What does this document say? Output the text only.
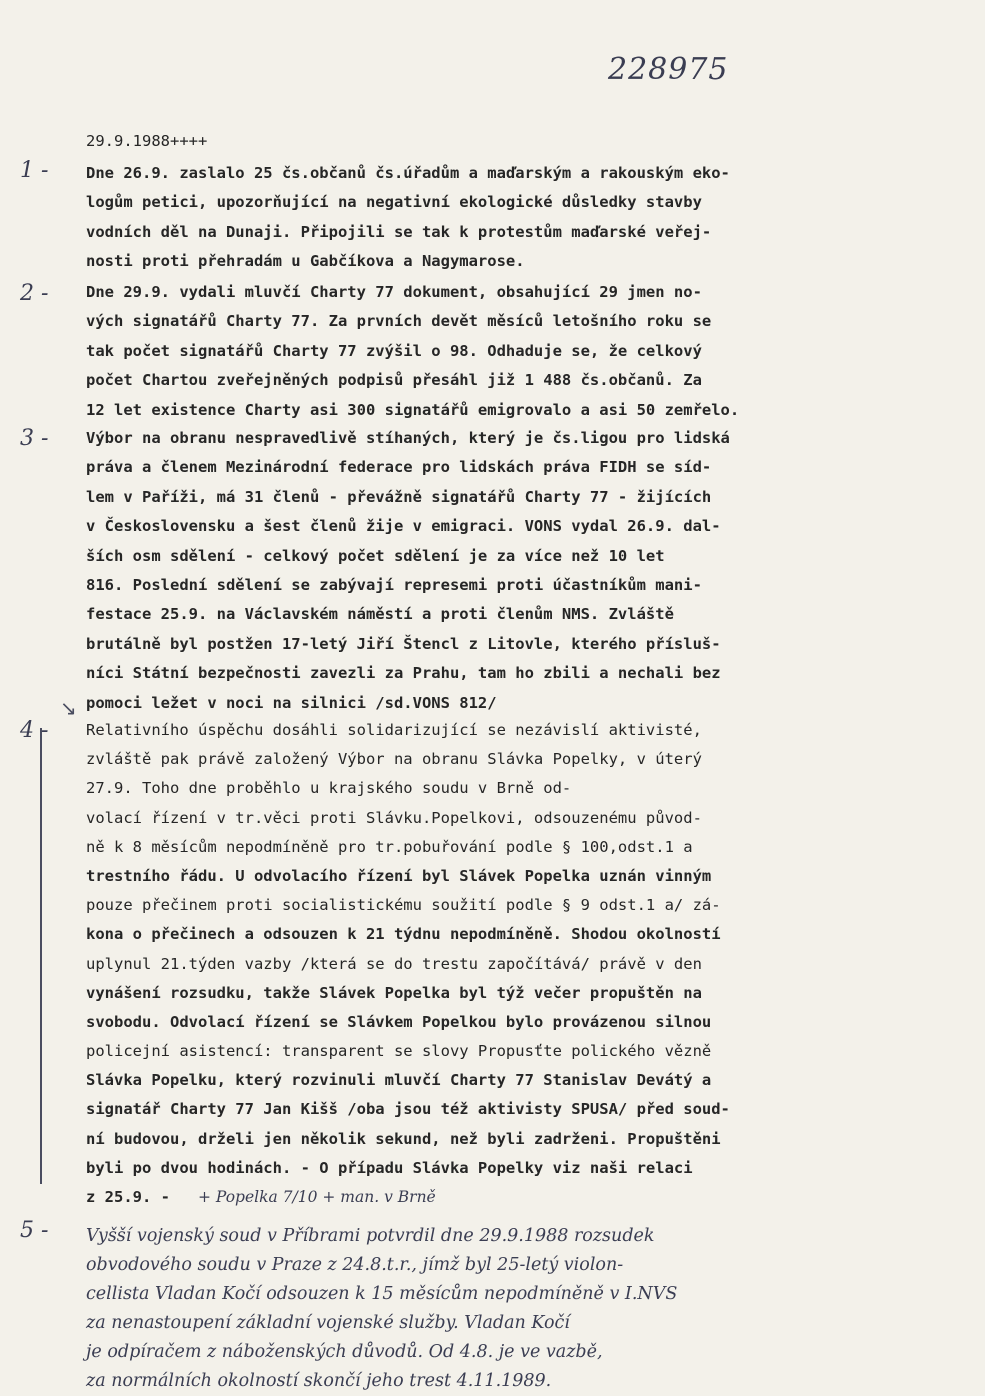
228975
29.9.1988++++
1 -
2 -
3 -
4 -
5 -
↘
Dne 26.9. zaslalo 25 čs.občanů čs.úřadům a maďarským a rakouským eko-
logům petici, upozorňující na negativní ekologické důsledky stavby
vodních děl na Dunaji. Připojili se tak k protestům maďarské veřej-
nosti proti přehradám u Gabčíkova a Nagymarose.
Dne 29.9. vydali mluvčí Charty 77 dokument, obsahující 29 jmen no-
vých signatářů Charty 77. Za prvních devět měsíců letošního roku se
tak počet signatářů Charty 77 zvýšil o 98. Odhaduje se, že celkový
počet Chartou zveřejněných podpisů přesáhl již 1 488 čs.občanů. Za
12 let existence Charty asi 300 signatářů emigrovalo a asi 50 zemřelo.
Výbor na obranu nespravedlivě stíhaných, který je čs.ligou pro lidská
práva a členem Mezinárodní federace pro lidskách práva FIDH se síd-
lem v Paříži, má 31 členů - převážně signatářů Charty 77 - žijících
v Československu a šest členů žije v emigraci. VONS vydal 26.9. dal-
ších osm sdělení - celkový počet sdělení je za více než 10 let
816. Poslední sdělení se zabývají represemi proti účastníkům mani-
festace 25.9. na Václavském náměstí a proti členům NMS. Zvláště
brutálně byl postžen 17-letý Jiří Štencl z Litovle, kterého přísluš-
níci Státní bezpečnosti zavezli za Prahu, tam ho zbili a nechali bez
pomoci ležet v noci na silnici /sd.VONS 812/
Relativního úspěchu dosáhli solidarizující se nezávislí aktivisté,
zvláště pak právě založený Výbor na obranu Slávka Popelky, v úterý
27.9. Toho dne proběhlo u krajského soudu v Brně od-
volací řízení v tr.věci proti Slávku.Popelkovi, odsouzenému původ-
ně k 8 měsícům nepodmíněně pro tr.pobuřování podle § 100,odst.1 a
trestního řádu. U odvolacího řízení byl Slávek Popelka uznán vinným
pouze přečinem proti socialistickému soužití podle § 9 odst.1 a/ zá-
kona o přečinech a odsouzen k 21 týdnu nepodmíněně. Shodou okolností
uplynul 21.týden vazby /která se do trestu započítává/ právě v den
vynášení rozsudku, takže Slávek Popelka byl týž večer propuštěn na
svobodu. Odvolací řízení se Slávkem Popelkou bylo provázenou silnou
policejní asistencí: transparent se slovy Propusťte polického vězně
Slávka Popelku, který rozvinuli mluvčí Charty 77 Stanislav Devátý a
signatář Charty 77 Jan Kišš /oba jsou též aktivisty SPUSA/ před soud-
ní budovou, drželi jen několik sekund, než byli zadrženi. Propuštěni
byli po dvou hodinách. - O případu Slávka Popelky viz naši relaci
z 25.9. - + Popelka 7/10 + man. v Brně
Vyšší vojenský soud v Příbrami potvrdil dne 29.9.1988 rozsudek
obvodového soudu v Praze z 24.8.t.r., jímž byl 25-letý violon-
cellista Vladan Kočí odsouzen k 15 měsícům nepodmíněně v I.NVS
za nenastoupení základní vojenské služby. Vladan Kočí
je odpíračem z náboženských důvodů. Od 4.8. je ve vazbě,
za normálních okolností skončí jeho trest 4.11.1989.
